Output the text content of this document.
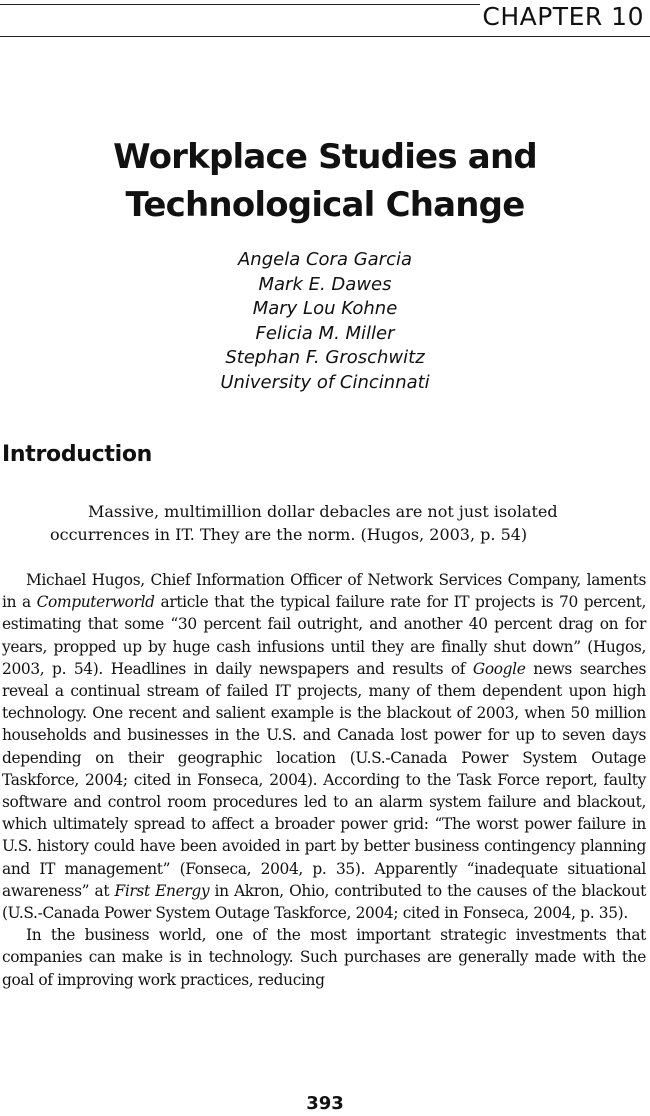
CHAPTER 10
Workplace Studies and
Technological Change
Angela Cora Garcia
Mark E. Dawes
Mary Lou Kohne
Felicia M. Miller
Stephan F. Groschwitz
University of Cincinnati
Introduction
Massive, multimillion dollar debacles are not just isolated
occurrences in IT. They are the norm. (Hugos, 2003, p. 54)

Michael Hugos, Chief Information Officer of Network Services Company, laments in a Computerworld article that the typical failure rate for IT projects is 70 percent, estimating that some “30 percent fail outright, and another 40 percent drag on for years, propped up by huge cash infusions until they are finally shut down” (Hugos, 2003, p. 54). Headlines in daily newspapers and results of Google news searches reveal a continual stream of failed IT projects, many of them dependent upon high technology. One recent and salient example is the blackout of 2003, when 50 million households and businesses in the U.S. and Canada lost power for up to seven days depending on their geographic location (U.S.-Canada Power System Outage Taskforce, 2004; cited in Fonseca, 2004). According to the Task Force report, faulty software and control room procedures led to an alarm system failure and blackout, which ultimately spread to affect a broader power grid: “The worst power failure in U.S. history could have been avoided in part by better business contingency planning and IT management” (Fonseca, 2004, p. 35). Apparently “inadequate situational awareness” at First Energy in Akron, Ohio, contributed to the causes of the blackout (U.S.-Canada Power System Outage Taskforce, 2004; cited in Fonseca, 2004, p. 35).

In the business world, one of the most important strategic investments that companies can make is in technology. Such purchases are generally made with the goal of improving work practices, reducing

393
